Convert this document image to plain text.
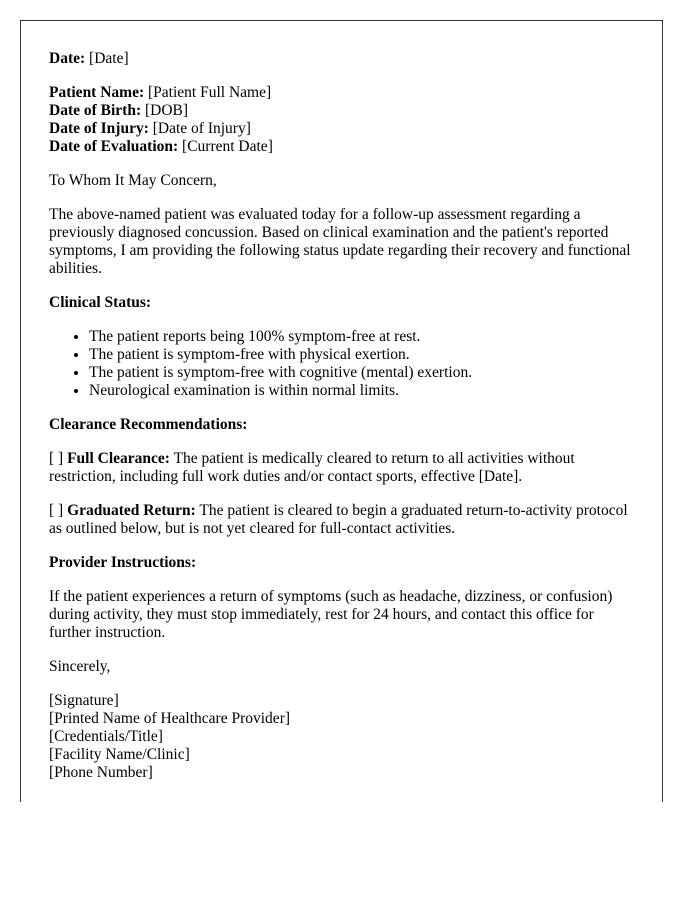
Date: [Date]

Patient Name: [Patient Full Name]
Date of Birth: [DOB]
Date of Injury: [Date of Injury]
Date of Evaluation: [Current Date]

To Whom It May Concern,

The above-named patient was evaluated today for a follow-up assessment regarding a previously diagnosed concussion. Based on clinical examination and the patient's reported symptoms, I am providing the following status update regarding their recovery and functional abilities.

Clinical Status:

• The patient reports being 100% symptom-free at rest.
• The patient is symptom-free with physical exertion.
• The patient is symptom-free with cognitive (mental) exertion.
• Neurological examination is within normal limits.

Clearance Recommendations:

[ ] Full Clearance: The patient is medically cleared to return to all activities without restriction, including full work duties and/or contact sports, effective [Date].

[ ] Graduated Return: The patient is cleared to begin a graduated return-to-activity protocol as outlined below, but is not yet cleared for full-contact activities.

Provider Instructions:

If the patient experiences a return of symptoms (such as headache, dizziness, or confusion) during activity, they must stop immediately, rest for 24 hours, and contact this office for further instruction.

Sincerely,

[Signature]
[Printed Name of Healthcare Provider]
[Credentials/Title]
[Facility Name/Clinic]
[Phone Number]
